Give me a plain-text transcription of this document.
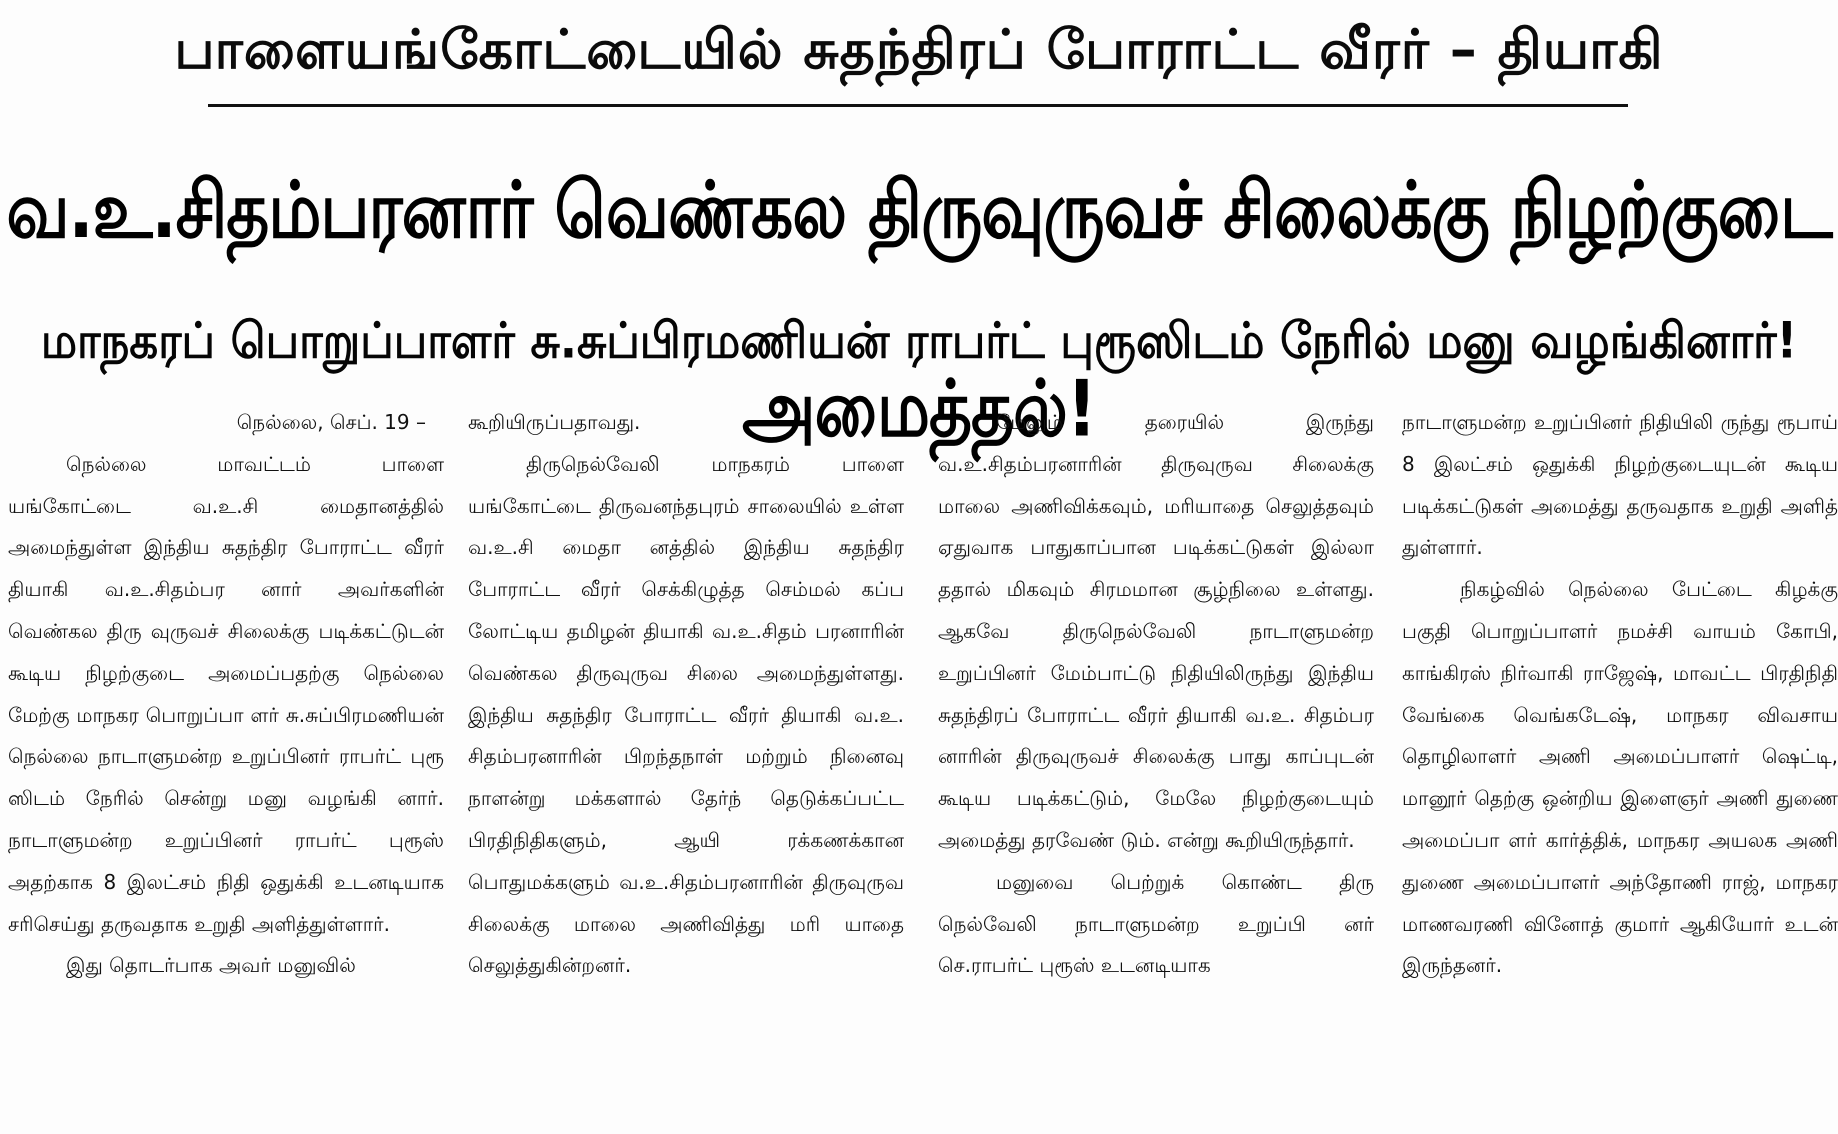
பாளையங்கோட்டையில் சுதந்திரப் போராட்ட வீரர் – தியாகி
வ.உ.சிதம்பரனார் வெண்கல திருவுருவச் சிலைக்கு நிழற்குடை அமைத்தல்!
மாநகரப் பொறுப்பாளர் சு.சுப்பிரமணியன் ராபர்ட் புரூஸிடம் நேரில் மனு வழங்கினார்!

நெல்லை, செப். 19 –

நெல்லை மாவட்டம் பாளை யங்கோட்டை வ.உ.சி மைதானத்தில் அமைந்துள்ள இந்திய சுதந்திர போராட்ட வீரர் தியாகி வ.உ.சிதம்பர னார் அவர்களின் வெண்கல திரு வுருவச் சிலைக்கு படிக்கட்டுடன் கூடிய நிழற்குடை அமைப்பதற்கு நெல்லை மேற்கு மாநகர பொறுப்பா ளர் சு.சுப்பிரமணியன் நெல்லை நாடாளுமன்ற உறுப்பினர் ராபர்ட் புரூ ஸிடம் நேரில் சென்று மனு வழங்கி னார். நாடாளுமன்ற உறுப்பினர் ராபர்ட் புரூஸ் அதற்காக 8 இலட்சம் நிதி ஒதுக்கி உடனடியாக சரிசெய்து தருவதாக உறுதி அளித்துள்ளார்.

இது தொடர்பாக அவர் மனுவில்

கூறியிருப்பதாவது.

திருநெல்வேலி மாநகரம் பாளை யங்கோட்டை திருவனந்தபுரம் சாலையில் உள்ள வ.உ.சி மைதா னத்தில் இந்திய சுதந்திர போராட்ட வீரர் செக்கிழுத்த செம்மல் கப்ப லோட்டிய தமிழன் தியாகி வ.உ.சிதம் பரனாரின் வெண்கல திருவுருவ சிலை அமைந்துள்ளது. இந்திய சுதந்திர போராட்ட வீரர் தியாகி வ.உ. சிதம்பரனாரின் பிறந்தநாள் மற்றும் நினைவு நாளன்று மக்களால் தேர்ந் தெடுக்கப்பட்ட பிரதிநிதிகளும், ஆயி ரக்கணக்கான பொதுமக்களும் வ.உ.சிதம்பரனாரின் திருவுருவ சிலைக்கு மாலை அணிவித்து மரி யாதை செலுத்துகின்றனர்.

மேலும் தரையில் இருந்து வ.உ.சிதம்பரனாரின் திருவுருவ சிலைக்கு மாலை அணிவிக்கவும், மரியாதை செலுத்தவும் ஏதுவாக பாதுகாப்பான படிக்கட்டுகள் இல்லா ததால் மிகவும் சிரமமான சூழ்நிலை உள்ளது. ஆகவே திருநெல்வேலி நாடாளுமன்ற உறுப்பினர் மேம்பாட்டு நிதியிலிருந்து இந்திய சுதந்திரப் போராட்ட வீரர் தியாகி வ.உ. சிதம்பர னாரின் திருவுருவச் சிலைக்கு பாது காப்புடன் கூடிய படிக்கட்டும், மேலே நிழற்குடையும் அமைத்து தரவேண் டும். என்று கூறியிருந்தார்.

மனுவை பெற்றுக் கொண்ட திரு நெல்வேலி நாடாளுமன்ற உறுப்பி னர் செ.ராபர்ட் புரூஸ் உடனடியாக

நாடாளுமன்ற உறுப்பினர் நிதியிலி ருந்து ரூபாய் 8 இலட்சம் ஒதுக்கி நிழற்குடையுடன் கூடிய படிக்கட்டுகள் அமைத்து தருவதாக உறுதி அளித் துள்ளார்.

நிகழ்வில் நெல்லை பேட்டை கிழக்கு பகுதி பொறுப்பாளர் நமச்சி வாயம் கோபி, காங்கிரஸ் நிர்வாகி ராஜேஷ், மாவட்ட பிரதிநிதி வேங்கை வெங்கடேஷ், மாநகர விவசாய தொழிலாளர் அணி அமைப்பாளர் ஷெட்டி, மானூர் தெற்கு ஒன்றிய இளைஞர் அணி துணை அமைப்பா ளர் கார்த்திக், மாநகர அயலக அணி துணை அமைப்பாளர் அந்தோணி ராஜ், மாநகர மாணவரணி வினோத் குமார் ஆகியோர் உடன் இருந்தனர்.
